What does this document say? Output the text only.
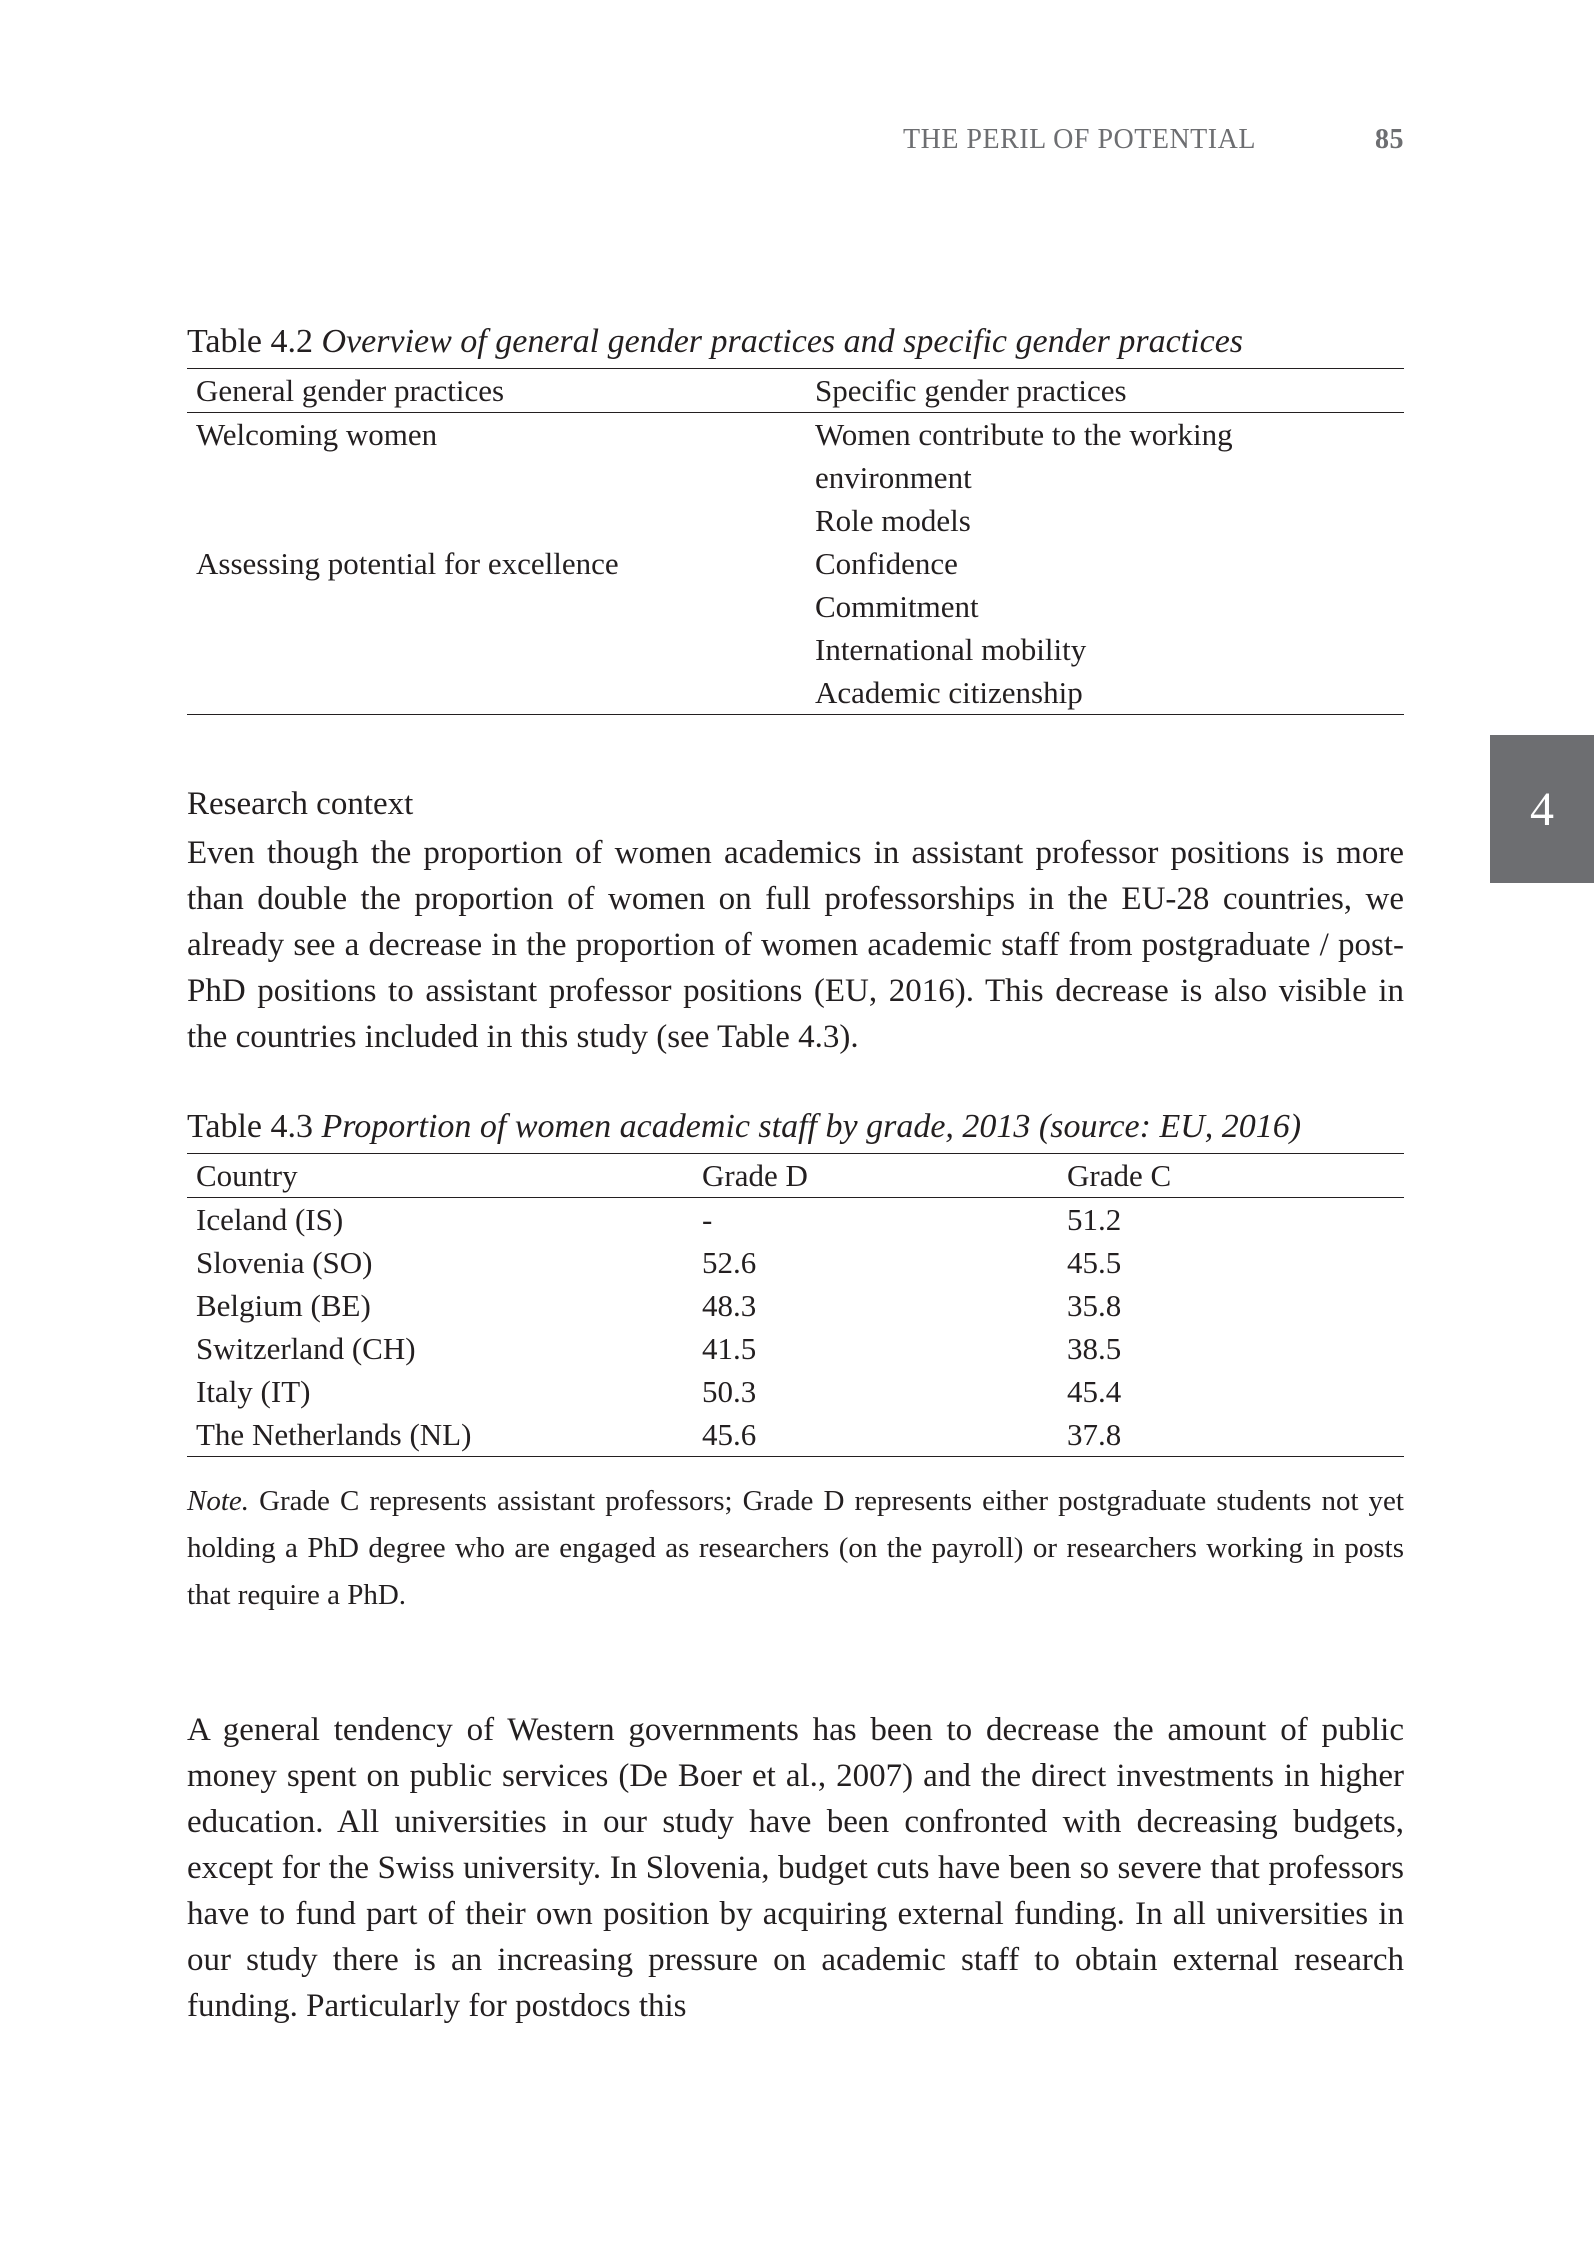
THE PERIL OF POTENTIAL	85
4
Table 4.2 Overview of general gender practices and specific gender practices
General gender practices	Specific gender practices
Welcoming women	Women contribute to the working
	environment
	Role models
Assessing potential for excellence	Confidence
	Commitment
	International mobility
	Academic citizenship
Research context

Even though the proportion of women academics in assistant professor positions is more than double the proportion of women on full professorships in the EU-28 countries, we already see a decrease in the proportion of women academic staff from postgraduate / post-PhD positions to assistant professor positions (EU, 2016). This decrease is also visible in the countries included in this study (see Table 4.3).

Table 4.3 Proportion of women academic staff by grade, 2013 (source: EU, 2016)
Country	Grade D	Grade C
Iceland (IS)	-	51.2
Slovenia (SO)	52.6	45.5
Belgium (BE)	48.3	35.8
Switzerland (CH)	41.5	38.5
Italy (IT)	50.3	45.4
The Netherlands (NL)	45.6	37.8
Note. Grade C represents assistant professors; Grade D represents either postgraduate students not yet holding a PhD degree who are engaged as researchers (on the payroll) or researchers working in posts that require a PhD.

A general tendency of Western governments has been to decrease the amount of public money spent on public services (De Boer et al., 2007) and the direct investments in higher education. All universities in our study have been confronted with decreasing budgets, except for the Swiss university. In Slovenia, budget cuts have been so severe that professors have to fund part of their own position by acquiring external funding. In all universities in our study there is an increasing pressure on academic staff to obtain external research funding. Particularly for postdocs this
